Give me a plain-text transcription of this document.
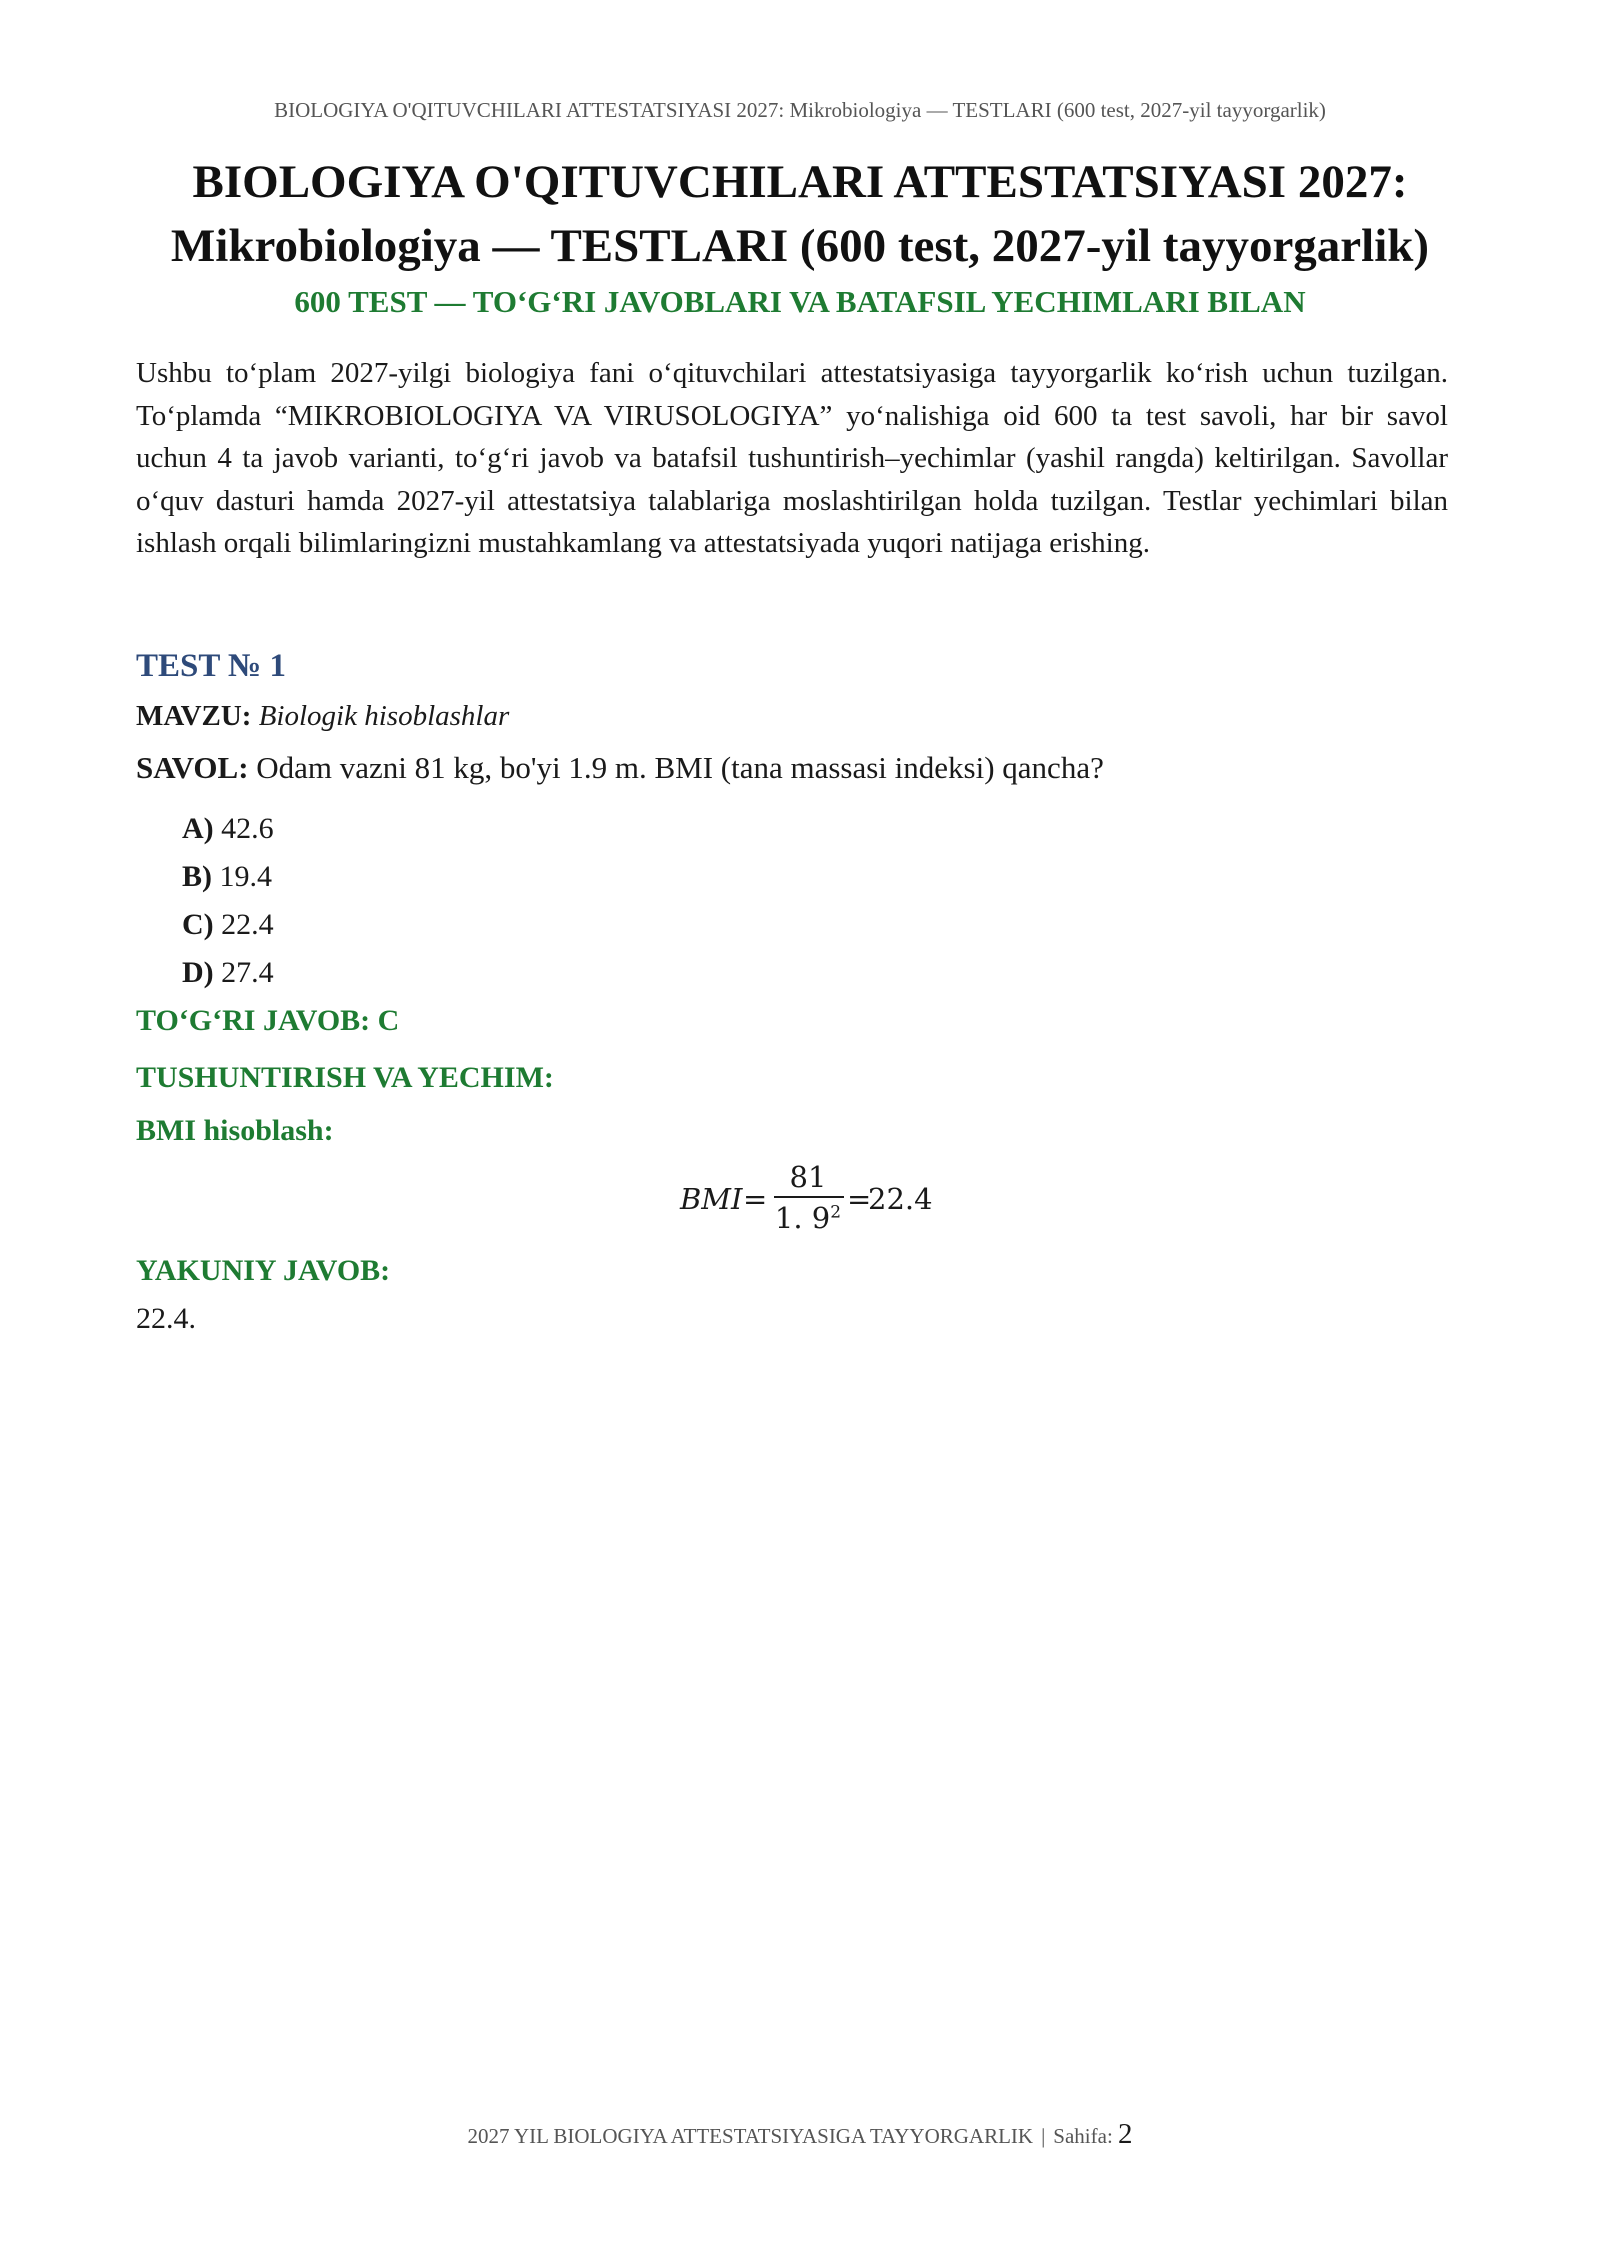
BIOLOGIYA O'QITUVCHILARI ATTESTATSIYASI 2027: Mikrobiologiya — TESTLARI (600 test, 2027-yil tayyorgarlik)
BIOLOGIYA O'QITUVCHILARI ATTESTATSIYASI 2027:
Mikrobiologiya — TESTLARI (600 test, 2027-yil tayyorgarlik)
600 TEST — TO‘G‘RI JAVOBLARI VA BATAFSIL YECHIMLARI BILAN
Ushbu to‘plam 2027-yilgi biologiya fani o‘qituvchilari attestatsiyasiga tayyorgarlik ko‘rish uchun tuzilgan. To‘plamda “MIKROBIOLOGIYA VA VIRUSOLOGIYA” yo‘nalishiga oid 600 ta test savoli, har bir savol uchun 4 ta javob varianti, to‘g‘ri javob va batafsil tushuntirish–yechimlar (yashil rangda) keltirilgan. Savollar o‘quv dasturi hamda 2027-yil attestatsiya talablariga moslashtirilgan holda tuzilgan. Testlar yechimlari bilan ishlash orqali bilimlaringizni mustahkamlang va attestatsiyada yuqori natijaga erishing.
TEST № 1
MAVZU: Biologik hisoblashlar
SAVOL: Odam vazni 81 kg, bo'yi 1.9 m. BMI (tana massasi indeksi) qancha?
A) 42.6
B) 19.4
C) 22.4
D) 27.4
TO‘G‘RI JAVOB: C
TUSHUNTIRISH VA YECHIM:
BMI hisoblash:
BMI =
81
1. $9^2$ =
22.4
YAKUNIY JAVOB:
22.4.
2027 YIL BIOLOGIYA ATTESTATSIYASIGA TAYYORGARLIK | Sahifa: 2
